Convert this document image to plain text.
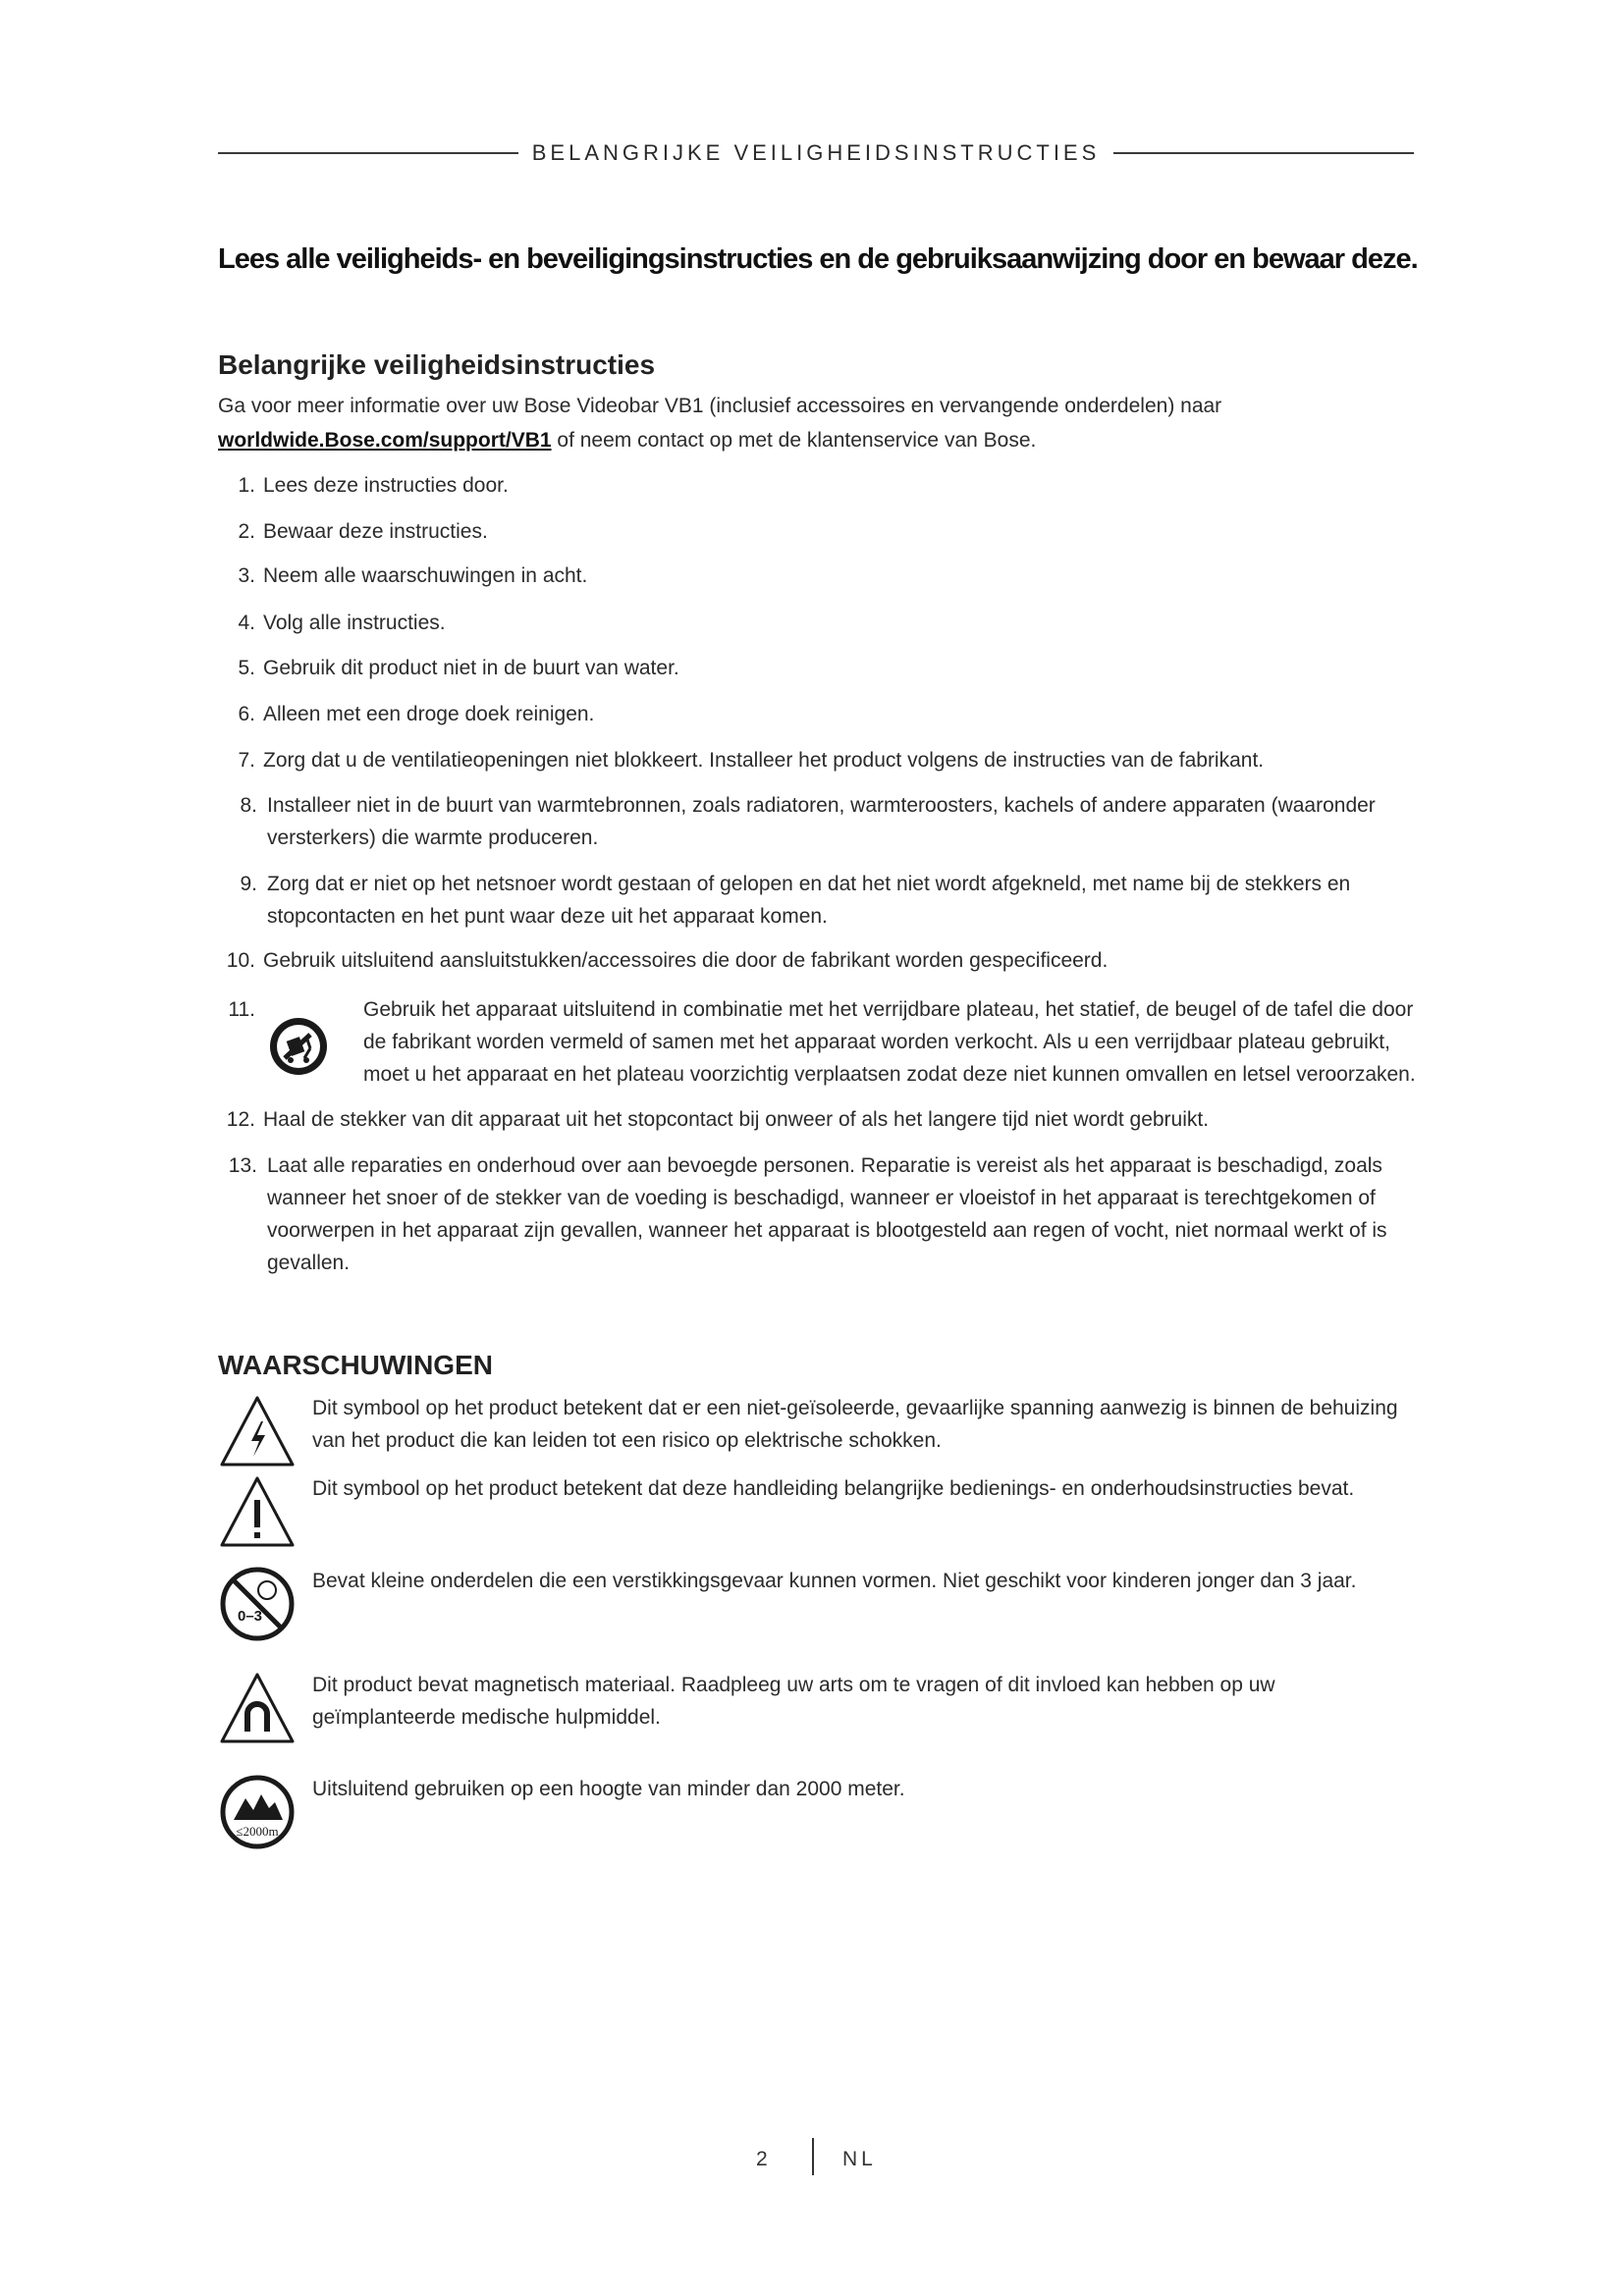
BELANGRIJKE VEILIGHEIDSINSTRUCTIES
Lees alle veiligheids- en beveiligingsinstructies en de gebruiksaanwijzing door en bewaar deze.
Belangrijke veiligheidsinstructies
Ga voor meer informatie over uw Bose Videobar VB1 (inclusief accessoires en vervangende onderdelen) naar
worldwide.Bose.com/support/VB1 of neem contact op met de klantenservice van Bose.
1. Lees deze instructies door.
2. Bewaar deze instructies.
3. Neem alle waarschuwingen in acht.
4. Volg alle instructies.
5. Gebruik dit product niet in de buurt van water.
6. Alleen met een droge doek reinigen.
7. Zorg dat u de ventilatieopeningen niet blokkeert. Installeer het product volgens de instructies van de fabrikant.
8. Installeer niet in de buurt van warmtebronnen, zoals radiatoren, warmteroosters, kachels of andere apparaten (waaronder versterkers) die warmte produceren.
9. Zorg dat er niet op het netsnoer wordt gestaan of gelopen en dat het niet wordt afgekneld, met name bij de stekkers en stopcontacten en het punt waar deze uit het apparaat komen.
10. Gebruik uitsluitend aansluitstukken/accessoires die door de fabrikant worden gespecificeerd.
11.	Gebruik het apparaat uitsluitend in combinatie met het verrijdbare plateau, het statief, de beugel of de tafel die door de fabrikant worden vermeld of samen met het apparaat worden verkocht. Als u een verrijdbaar plateau gebruikt, moet u het apparaat en het plateau voorzichtig verplaatsen zodat deze niet kunnen omvallen en letsel veroorzaken.
12. Haal de stekker van dit apparaat uit het stopcontact bij onweer of als het langere tijd niet wordt gebruikt.
13. Laat alle reparaties en onderhoud over aan bevoegde personen. Reparatie is vereist als het apparaat is beschadigd, zoals wanneer het snoer of de stekker van de voeding is beschadigd, wanneer er vloeistof in het apparaat is terechtgekomen of voorwerpen in het apparaat zijn gevallen, wanneer het apparaat is blootgesteld aan regen of vocht, niet normaal werkt of is gevallen.
WAARSCHUWINGEN
Dit symbool op het product betekent dat er een niet-geïsoleerde, gevaarlijke spanning aanwezig is binnen de behuizing van het product die kan leiden tot een risico op elektrische schokken.
Dit symbool op het product betekent dat deze handleiding belangrijke bedienings- en onderhoudsinstructies bevat.
0–3
Bevat kleine onderdelen die een verstikkingsgevaar kunnen vormen. Niet geschikt voor kinderen jonger dan 3 jaar.
Dit product bevat magnetisch materiaal. Raadpleeg uw arts om te vragen of dit invloed kan hebben op uw geïmplanteerde medische hulpmiddel.
≤2000m
Uitsluitend gebruiken op een hoogte van minder dan 2000 meter.
2	NL
